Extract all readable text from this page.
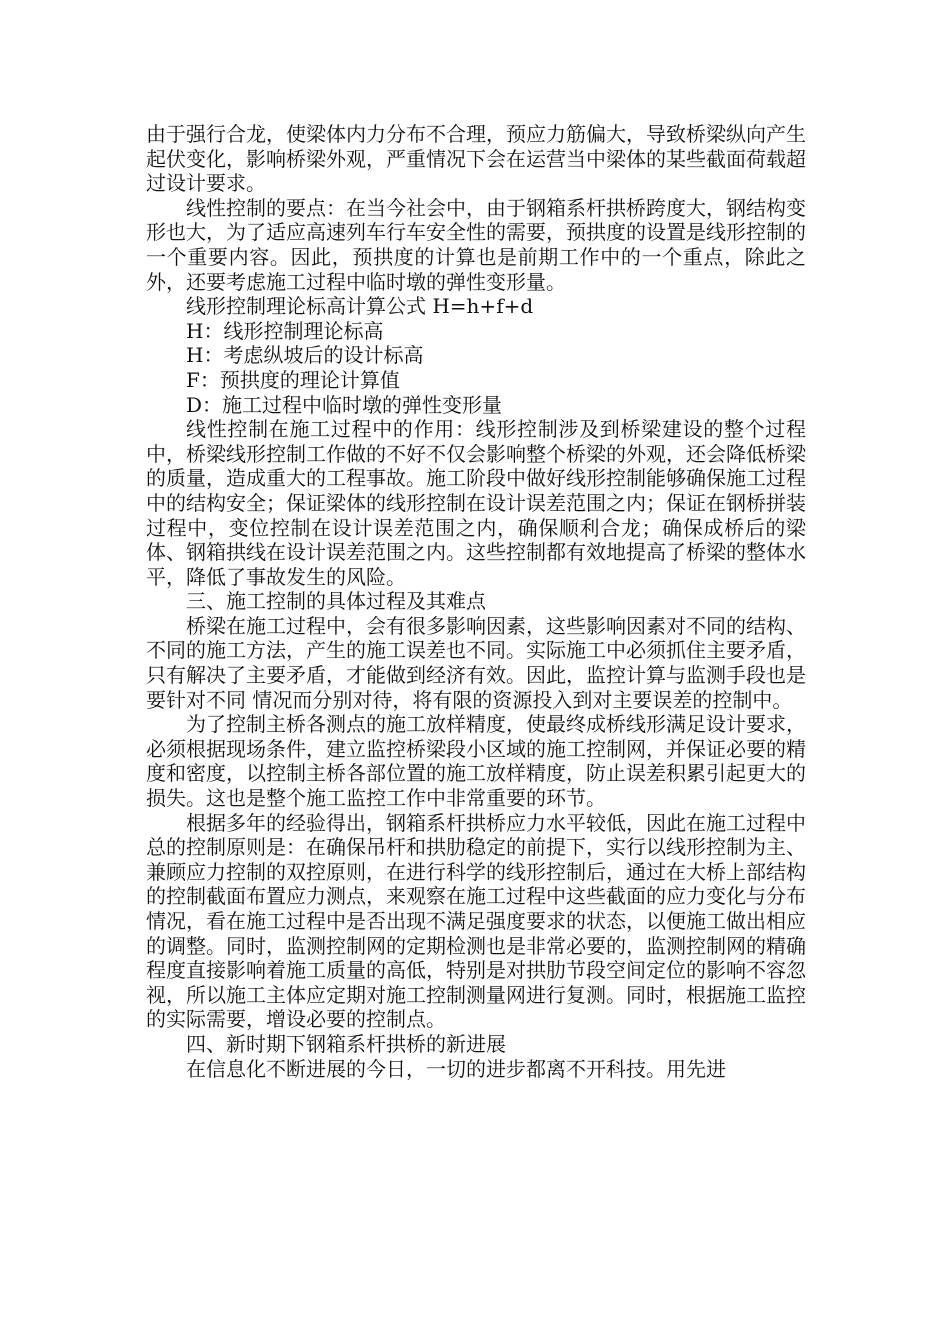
由于强行合龙，使梁体内力分布不合理，预应力筋偏大，导致桥梁纵向产生起伏变化，影响桥梁外观，严重情况下会在运营当中梁体的某些截面荷载超过设计要求。

线性控制的要点：在当今社会中，由于钢箱系杆拱桥跨度大，钢结构变形也大，为了适应高速列车行车安全性的需要，预拱度的设置是线形控制的一个重要内容。因此，预拱度的计算也是前期工作中的一个重点，除此之外，还要考虑施工过程中临时墩的弹性变形量。

线形控制理论标高计算公式 H=h+f+d

H：线形控制理论标高

H：考虑纵坡后的设计标高

F：预拱度的理论计算值

D：施工过程中临时墩的弹性变形量

线性控制在施工过程中的作用：线形控制涉及到桥梁建设的整个过程中，桥梁线形控制工作做的不好不仅会影响整个桥梁的外观，还会降低桥梁的质量，造成重大的工程事故。施工阶段中做好线形控制能够确保施工过程中的结构安全；保证梁体的线形控制在设计误差范围之内；保证在钢桥拼装过程中，变位控制在设计误差范围之内，确保顺利合龙；确保成桥后的梁体、钢箱拱线在设计误差范围之内。这些控制都有效地提高了桥梁的整体水平，降低了事故发生的风险。

三、施工控制的具体过程及其难点

桥梁在施工过程中，会有很多影响因素，这些影响因素对不同的结构、不同的施工方法，产生的施工误差也不同。实际施工中必须抓住主要矛盾，只有解决了主要矛盾，才能做到经济有效。因此，监控计算与监测手段也是要针对不同 情况而分别对待，将有限的资源投入到对主要误差的控制中。

为了控制主桥各测点的施工放样精度，使最终成桥线形满足设计要求，必须根据现场条件，建立监控桥梁段小区域的施工控制网，并保证必要的精度和密度，以控制主桥各部位置的施工放样精度，防止误差积累引起更大的损失。这也是整个施工监控工作中非常重要的环节。

根据多年的经验得出，钢箱系杆拱桥应力水平较低，因此在施工过程中总的控制原则是：在确保吊杆和拱肋稳定的前提下，实行以线形控制为主、兼顾应力控制的双控原则，在进行科学的线形控制后，通过在大桥上部结构的控制截面布置应力测点，来观察在施工过程中这些截面的应力变化与分布情况，看在施工过程中是否出现不满足强度要求的状态，以便施工做出相应的调整。同时，监测控制网的定期检测也是非常必要的，监测控制网的精确程度直接影响着施工质量的高低，特别是对拱肋节段空间定位的影响不容忽视，所以施工主体应定期对施工控制测量网进行复测。同时，根据施工监控的实际需要，增设必要的控制点。

四、新时期下钢箱系杆拱桥的新进展

在信息化不断进展的今日，一切的进步都离不开科技。用先进
